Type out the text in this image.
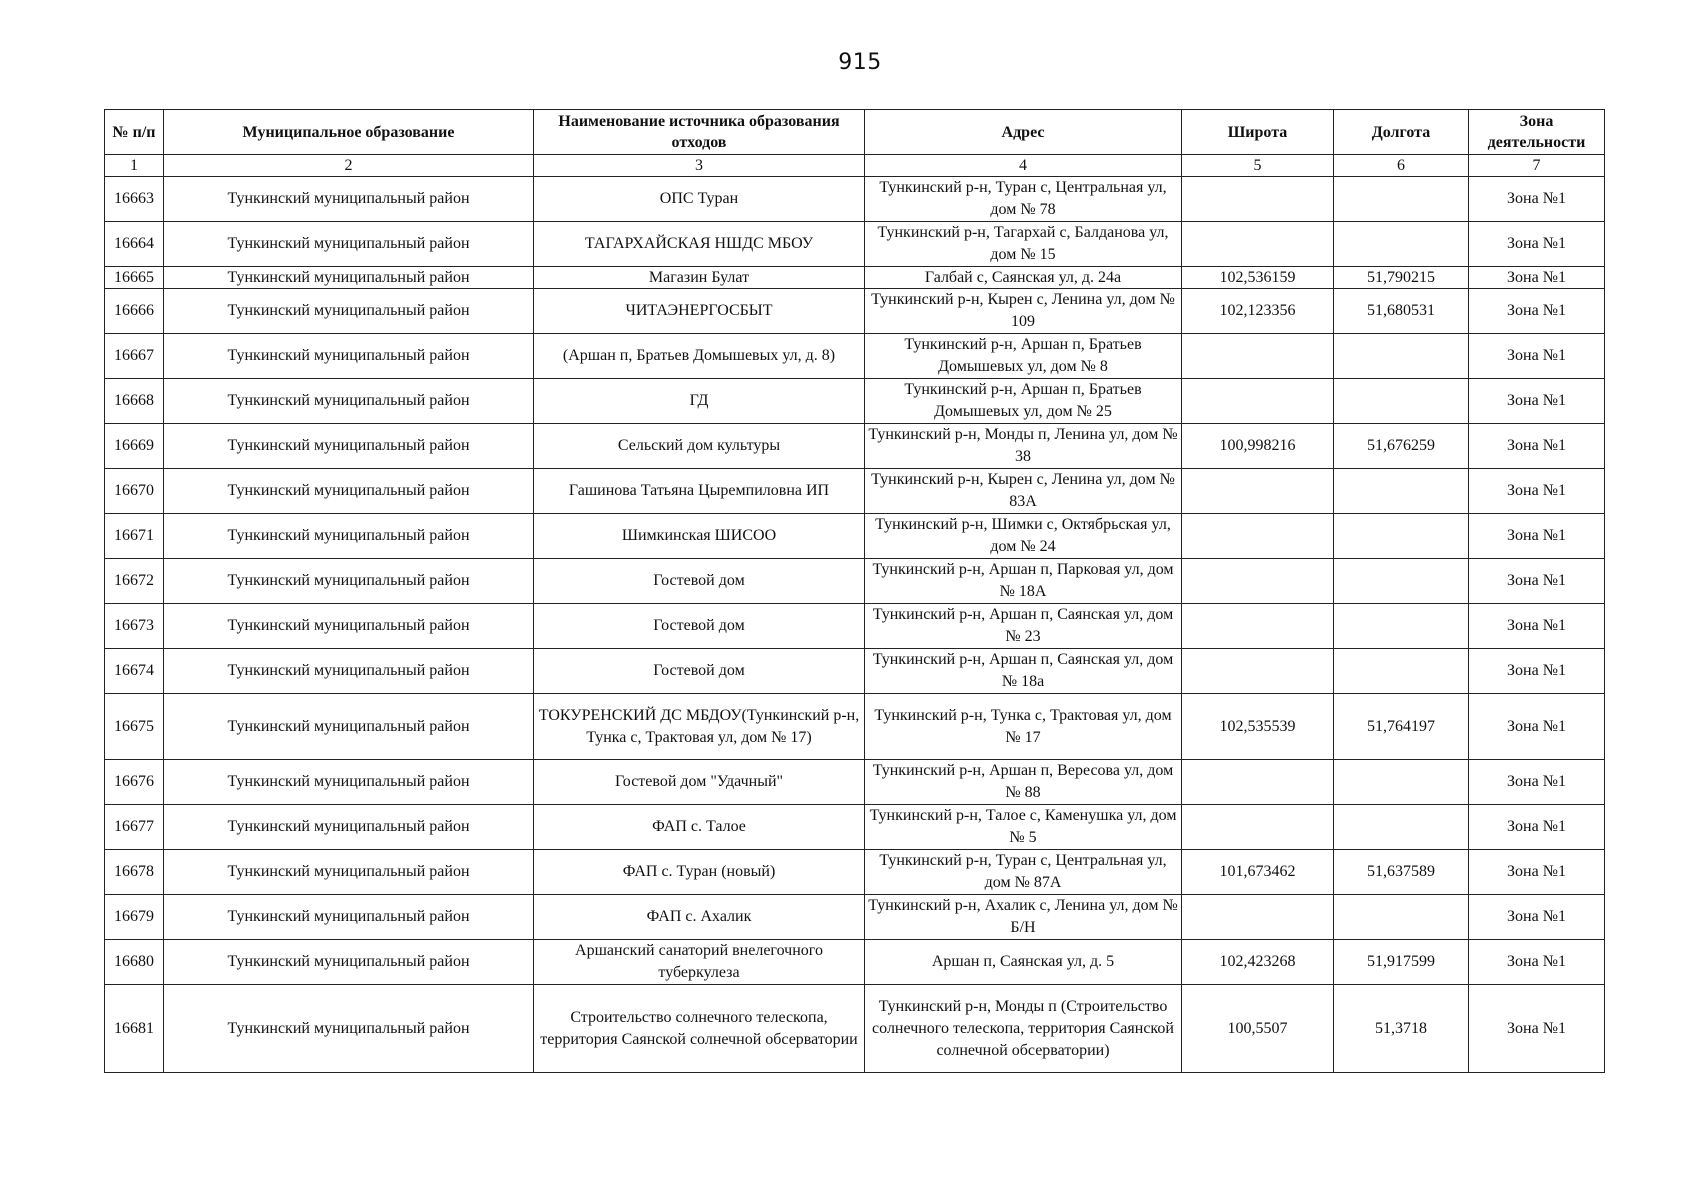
915
№ п/п	Муниципальное образование	Наименование источника образования отходов	Адрес	Широта	Долгота	Зона деятельности
1	2	3	4	5	6	7
16663	Тункинский муниципальный район	ОПС Туран	Тункинский р-н, Туран с, Центральная ул, дом № 78			Зона №1
16664	Тункинский муниципальный район	ТАГАРХАЙСКАЯ НШДС МБОУ	Тункинский р-н, Тагархай с, Балданова ул, дом № 15			Зона №1
16665	Тункинский муниципальный район	Магазин Булат	Галбай с, Саянская ул, д. 24а	102,536159	51,790215	Зона №1
16666	Тункинский муниципальный район	ЧИТАЭНЕРГОСБЫТ	Тункинский р-н, Кырен с, Ленина ул, дом № 109	102,123356	51,680531	Зона №1
16667	Тункинский муниципальный район	(Аршан п, Братьев Домышевых ул, д. 8)	Тункинский р-н, Аршан п, Братьев Домышевых ул, дом № 8			Зона №1
16668	Тункинский муниципальный район	ГД	Тункинский р-н, Аршан п, Братьев Домышевых ул, дом № 25			Зона №1
16669	Тункинский муниципальный район	Сельский дом культуры	Тункинский р-н, Монды п, Ленина ул, дом № 38	100,998216	51,676259	Зона №1
16670	Тункинский муниципальный район	Гашинова Татьяна Цыремпиловна ИП	Тункинский р-н, Кырен с, Ленина ул, дом № 83А			Зона №1
16671	Тункинский муниципальный район	Шимкинская ШИСОО	Тункинский р-н, Шимки с, Октябрьская ул, дом № 24			Зона №1
16672	Тункинский муниципальный район	Гостевой дом	Тункинский р-н, Аршан п, Парковая ул, дом № 18А			Зона №1
16673	Тункинский муниципальный район	Гостевой дом	Тункинский р-н, Аршан п, Саянская ул, дом № 23			Зона №1
16674	Тункинский муниципальный район	Гостевой дом	Тункинский р-н, Аршан п, Саянская ул, дом № 18а			Зона №1
16675	Тункинский муниципальный район	ТОКУРЕНСКИЙ ДС МБДОУ(Тункинский р-н, Тунка с, Трактовая ул, дом № 17)	Тункинский р-н, Тунка с, Трактовая ул, дом № 17	102,535539	51,764197	Зона №1
16676	Тункинский муниципальный район	Гостевой дом "Удачный"	Тункинский р-н, Аршан п, Вересова ул, дом № 88			Зона №1
16677	Тункинский муниципальный район	ФАП с. Талое	Тункинский р-н, Талое с, Каменушка ул, дом № 5			Зона №1
16678	Тункинский муниципальный район	ФАП с. Туран (новый)	Тункинский р-н, Туран с, Центральная ул, дом № 87А	101,673462	51,637589	Зона №1
16679	Тункинский муниципальный район	ФАП с. Ахалик	Тункинский р-н, Ахалик с, Ленина ул, дом № Б/Н			Зона №1
16680	Тункинский муниципальный район	Аршанский санаторий внелегочного туберкулеза	Аршан п, Саянская ул, д. 5	102,423268	51,917599	Зона №1
16681	Тункинский муниципальный район	Строительство солнечного телескопа, территория Саянской солнечной обсерватории	Тункинский р-н, Монды п (Строительство солнечного телескопа, территория Саянской солнечной обсерватории)	100,5507	51,3718	Зона №1
